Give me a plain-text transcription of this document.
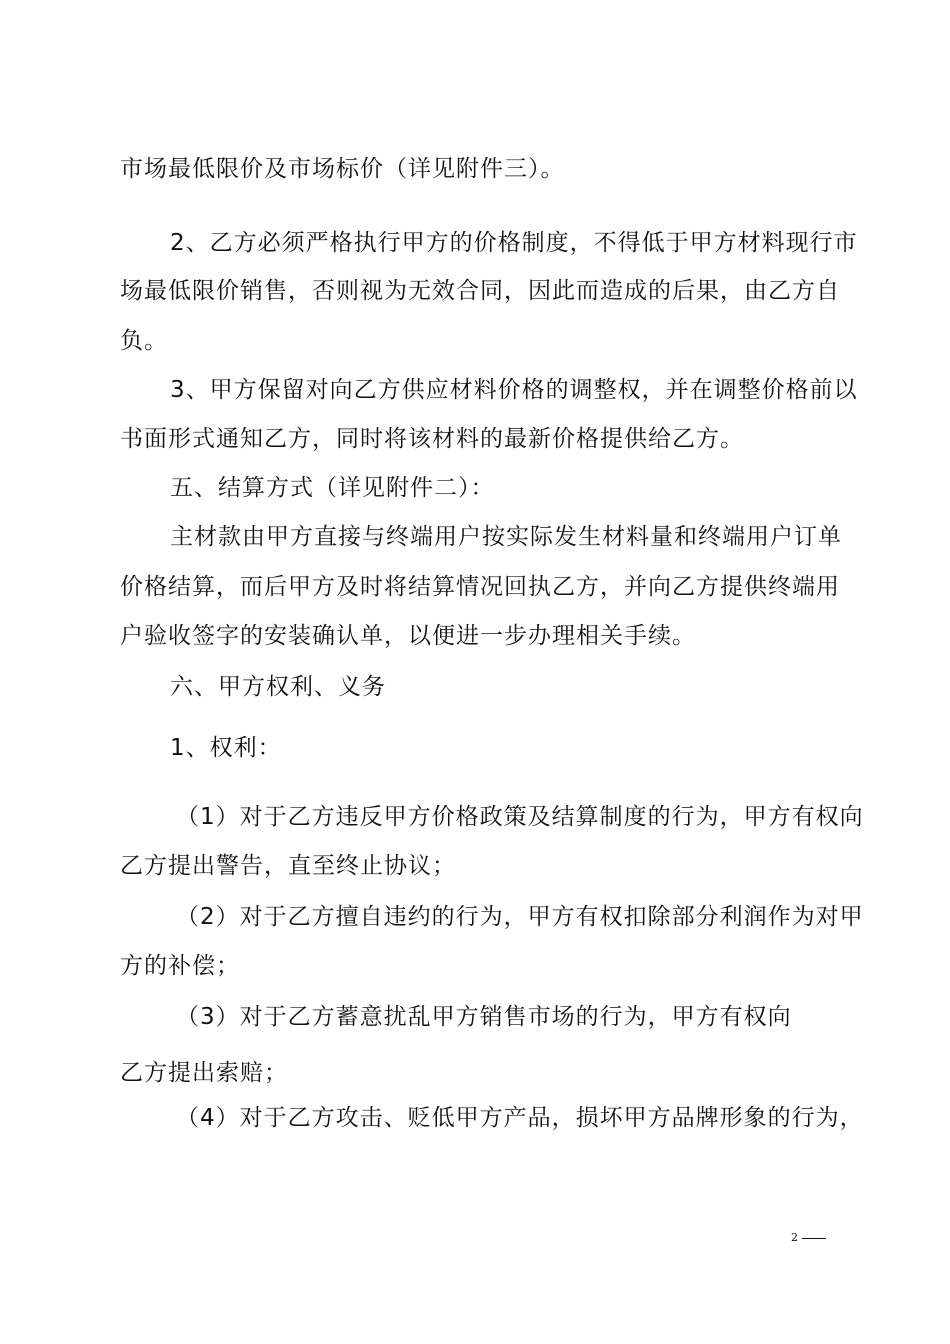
市场最低限价及市场标价（详见附件三）。
2、乙方必须严格执行甲方的价格制度，不得低于甲方材料现行市
场最低限价销售，否则视为无效合同，因此而造成的后果，由乙方自
负。
3、甲方保留对向乙方供应材料价格的调整权，并在调整价格前以
书面形式通知乙方，同时将该材料的最新价格提供给乙方。
五、结算方式（详见附件二）：
主材款由甲方直接与终端用户按实际发生材料量和终端用户订单
价格结算，而后甲方及时将结算情况回执乙方，并向乙方提供终端用
户验收签字的安装确认单，以便进一步办理相关手续。
六、甲方权利、义务
1、权利：
（1）对于乙方违反甲方价格政策及结算制度的行为，甲方有权向
乙方提出警告，直至终止协议；
（2）对于乙方擅自违约的行为，甲方有权扣除部分利润作为对甲
方的补偿；
（3）对于乙方蓄意扰乱甲方销售市场的行为，甲方有权向
乙方提出索赔；
（4）对于乙方攻击、贬低甲方产品，损坏甲方品牌形象的行为，
2
